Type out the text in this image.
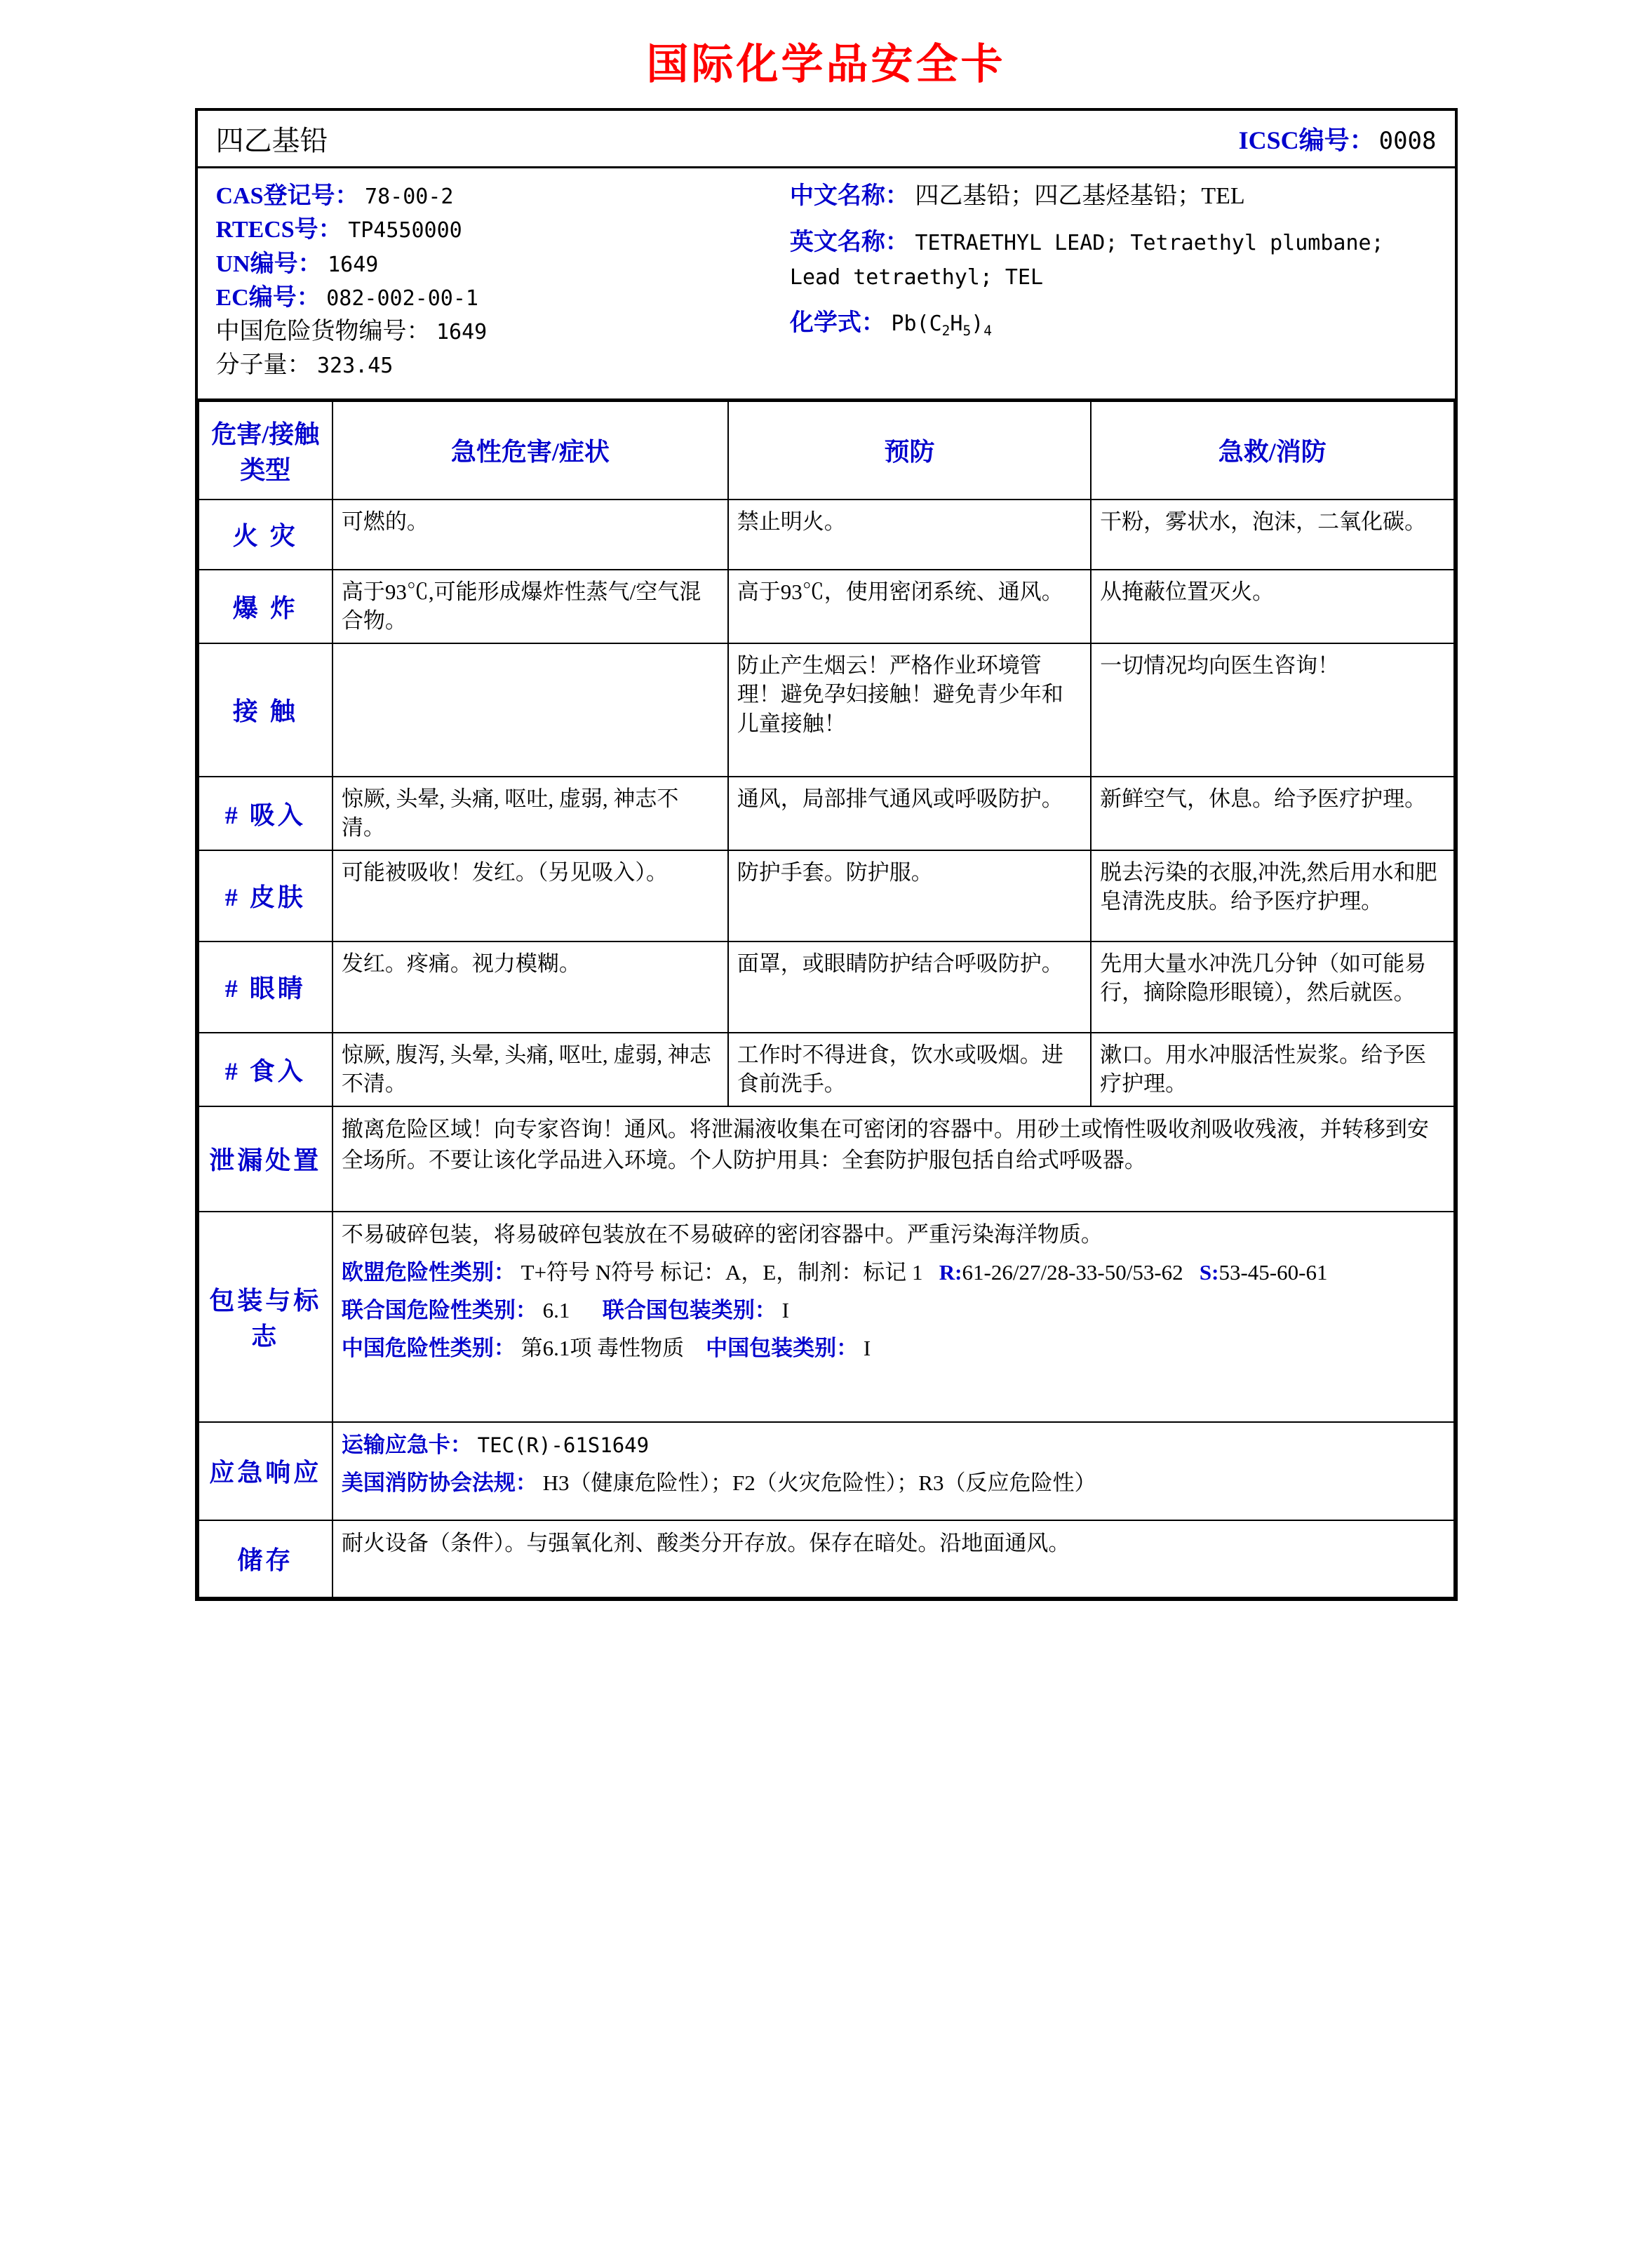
国际化学品安全卡
四乙基铅	ICSC编号： 0008
CAS登记号： 78-00-2
RTECS号： TP4550000
UN编号： 1649
EC编号： 082-002-00-1
中国危险货物编号： 1649
分子量： 323.45
中文名称： 四乙基铅；四乙基烃基铅；TEL
英文名称： TETRAETHYL LEAD; Tetraethyl plumbane; Lead tetraethyl; TEL
化学式： $Pb(C_2H_5)_4$
危害/接触类型	急性危害/症状	预防	急救/消防
火 灾	可燃的。	禁止明火。	干粉，雾状水，泡沫，二氧化碳。
爆 炸	高于93℃,可能形成爆炸性蒸气/空气混合物。	高于93℃，使用密闭系统、通风。	从掩蔽位置灭火。
接 触		防止产生烟云！严格作业环境管理！避免孕妇接触！避免青少年和儿童接触！	一切情况均向医生咨询！
# 吸入	惊厥, 头晕, 头痛, 呕吐, 虚弱, 神志不清。	通风，局部排气通风或呼吸防护。	新鲜空气，休息。给予医疗护理。
# 皮肤	可能被吸收！发红。（另见吸入）。	防护手套。防护服。	脱去污染的衣服,冲洗,然后用水和肥皂清洗皮肤。给予医疗护理。
# 眼睛	发红。疼痛。视力模糊。	面罩，或眼睛防护结合呼吸防护。	先用大量水冲洗几分钟（如可能易行，摘除隐形眼镜），然后就医。
# 食入	惊厥, 腹泻, 头晕, 头痛, 呕吐, 虚弱, 神志不清。	工作时不得进食，饮水或吸烟。进食前洗手。	漱口。用水冲服活性炭浆。给予医疗护理。
泄漏处置	撤离危险区域！向专家咨询！通风。将泄漏液收集在可密闭的容器中。用砂土或惰性吸收剂吸收残液，并转移到安全场所。不要让该化学品进入环境。个人防护用具：全套防护服包括自给式呼吸器。		
包装与标志	不易破碎包装，将易破碎包装放在不易破碎的密闭容器中。严重污染海洋物质。

欧盟危险性类别： T+符号 N符号 标记：A，E，制剂：标记 1 R:61-26/27/28-33-50/53-62 S:53-45-60-61

联合国危险性类别： 6.1 联合国包装类别： I

中国危险性类别： 第6.1项 毒性物质 中国包装类别： I		

应急响应	运输应急卡： TEC(R)-61S1649

美国消防协会法规： H3（健康危险性）；F2（火灾危险性）；R3（反应危险性）		

储存	耐火设备（条件）。与强氧化剂、酸类分开存放。保存在暗处。沿地面通风。		
